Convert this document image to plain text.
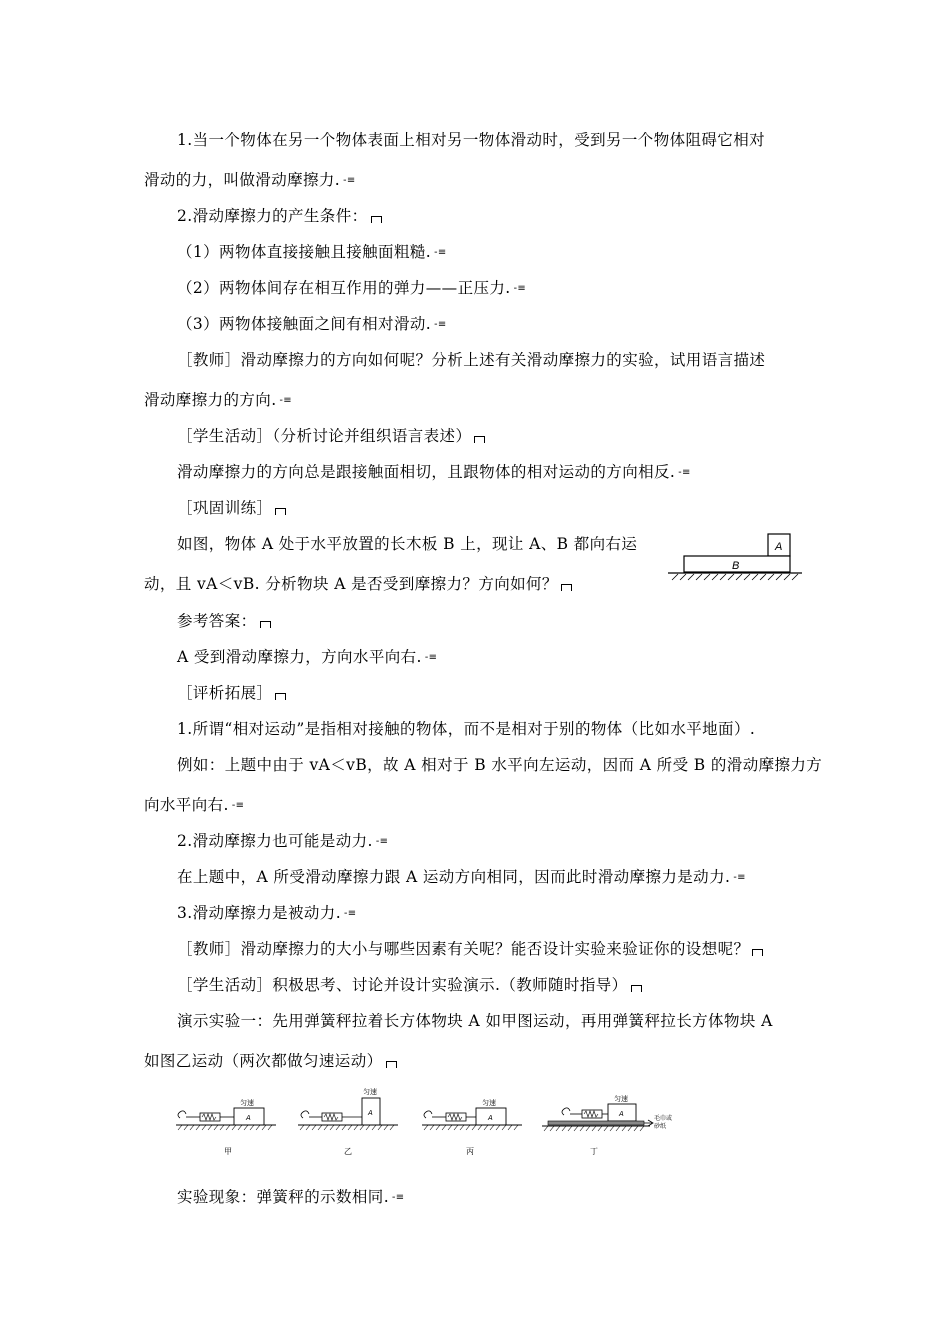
1.当一个物体在另一个物体表面上相对另一物体滑动时，受到另一个物体阻碍它相对
滑动的力，叫做滑动摩擦力. -≡
2.滑动摩擦力的产生条件：
（1）两物体直接接触且接触面粗糙. -≡
（2）两物体间存在相互作用的弹力——正压力. -≡
（3）两物体接触面之间有相对滑动. -≡
［教师］滑动摩擦力的方向如何呢？分析上述有关滑动摩擦力的实验，试用语言描述
滑动摩擦力的方向. -≡
［学生活动］（分析讨论并组织语言表述）
滑动摩擦力的方向总是跟接触面相切，且跟物体的相对运动的方向相反. -≡
［巩固训练］
如图，物体 A 处于水平放置的长木板 B 上，现让 A、B 都向右运
动，且 vA＜vB. 分析物块 A 是否受到摩擦力？方向如何？
参考答案：
A 受到滑动摩擦力，方向水平向右. -≡
［评析拓展］
1.所谓“相对运动”是指相对接触的物体，而不是相对于别的物体（比如水平地面）.
例如：上题中由于 vA＜vB，故 A 相对于 B 水平向左运动，因而 A 所受 B 的滑动摩擦力方
向水平向右. -≡
2.滑动摩擦力也可能是动力. -≡
在上题中，A 所受滑动摩擦力跟 A 运动方向相同，因而此时滑动摩擦力是动力. -≡
3.滑动摩擦力是被动力. -≡
［教师］滑动摩擦力的大小与哪些因素有关呢？能否设计实验来验证你的设想呢？
［学生活动］积极思考、讨论并设计实验演示.（教师随时指导）
演示实验一：先用弹簧秤拉着长方体物块 A 如甲图运动，再用弹簧秤拉长方体物块 A
如图乙运动（两次都做匀速运动）
实验现象：弹簧秤的示数相同. -≡
A
B
A
匀速
甲
A
匀速
乙
A
匀速
丙
A
匀速
毛巾或
砂纸
丁
